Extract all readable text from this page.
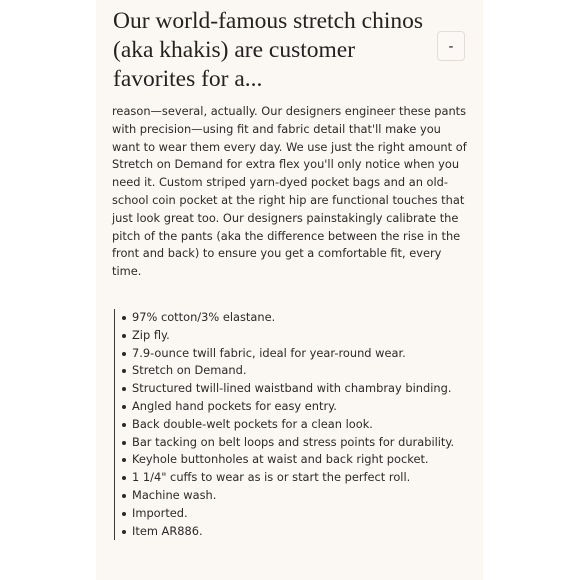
Our world-famous stretch chinos (aka khakis) are customer favorites for a...
-

reason—several, actually. Our designers engineer these pants with precision—using fit and fabric detail that'll make you want to wear them every day. We use just the right amount of Stretch on Demand for extra flex you'll only notice when you need it. Custom striped yarn-dyed pocket bags and an old-school coin pocket at the right hip are functional touches that just look great too. Our designers painstakingly calibrate the pitch of the pants (aka the difference between the rise in the front and back) to ensure you get a comfortable fit, every time.

97% cotton/3% elastane.
Zip fly.
7.9-ounce twill fabric, ideal for year-round wear.
Stretch on Demand.
Structured twill-lined waistband with chambray binding.
Angled hand pockets for easy entry.
Back double-welt pockets for a clean look.
Bar tacking on belt loops and stress points for durability.
Keyhole buttonholes at waist and back right pocket.
1 1/4" cuffs to wear as is or start the perfect roll.
Machine wash.
Imported.
Item AR886.
